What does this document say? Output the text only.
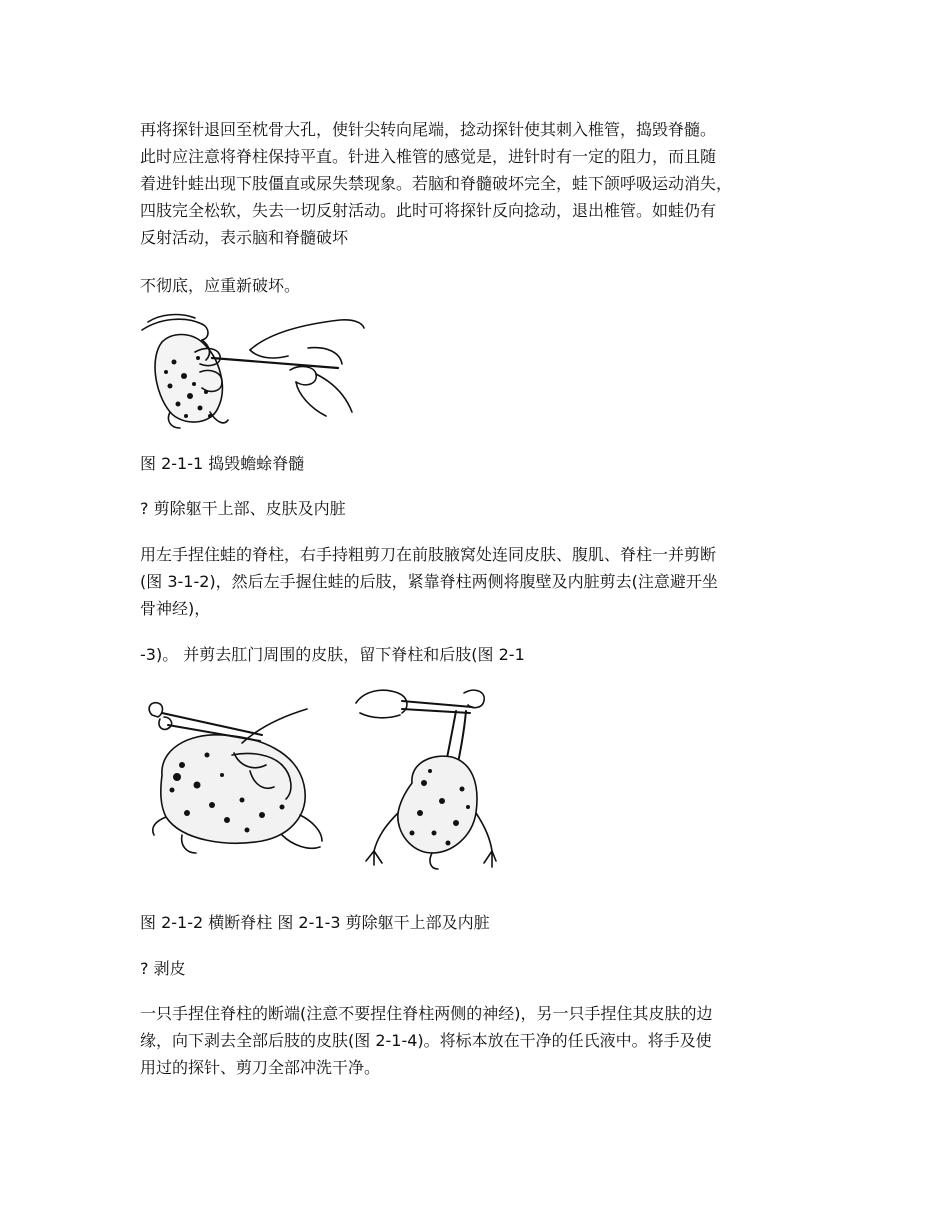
再将探针退回至枕骨大孔，使针尖转向尾端，捻动探针使其刺入椎管，捣毁脊髓。
此时应注意将脊柱保持平直。针进入椎管的感觉是，进针时有一定的阻力，而且随
着进针蛙出现下肢僵直或尿失禁现象。若脑和脊髓破坏完全，蛙下颌呼吸运动消失，
四肢完全松软，失去一切反射活动。此时可将探针反向捻动，退出椎管。如蛙仍有
反射活动，表示脑和脊髓破坏

不彻底，应重新破坏。

图 2-1-1 捣毁蟾蜍脊髓

? 剪除躯干上部、皮肤及内脏

用左手捏住蛙的脊柱，右手持粗剪刀在前肢腋窝处连同皮肤、腹肌、脊柱一并剪断
(图 3-1-2)，然后左手握住蛙的后肢，紧靠脊柱两侧将腹壁及内脏剪去(注意避开坐
骨神经)，

-3)。 并剪去肛门周围的皮肤，留下脊柱和后肢(图 2-1

图 2-1-2 横断脊柱 图 2-1-3 剪除躯干上部及内脏

? 剥皮

一只手捏住脊柱的断端(注意不要捏住脊柱两侧的神经)，另一只手捏住其皮肤的边
缘，向下剥去全部后肢的皮肤(图 2-1-4)。将标本放在干净的任氏液中。将手及使
用过的探针、剪刀全部冲洗干净。
